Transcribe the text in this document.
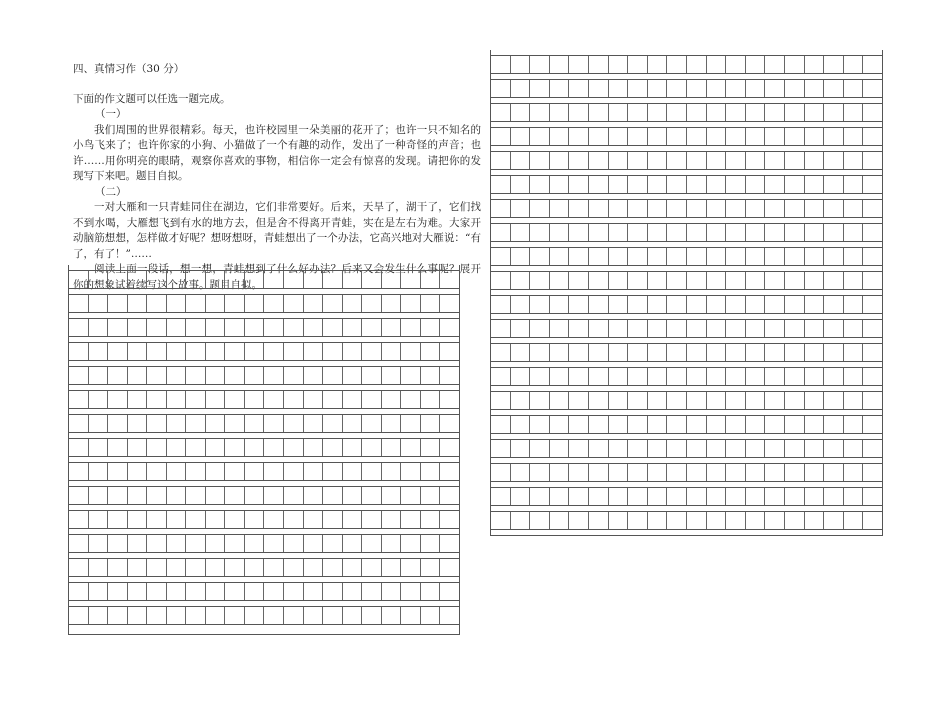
四、真情习作（30 分）

下面的作文题可以任选一题完成。

（一）

我们周围的世界很精彩。每天，也许校园里一朵美丽的花开了；也许一只不知名的小鸟飞来了；也许你家的小狗、小猫做了一个有趣的动作，发出了一种奇怪的声音；也许……用你明亮的眼睛，观察你喜欢的事物，相信你一定会有惊喜的发现。请把你的发现写下来吧。题目自拟。

（二）

一对大雁和一只青蛙同住在湖边，它们非常要好。后来，天旱了，湖干了，它们找不到水喝，大雁想飞到有水的地方去，但是舍不得离开青蛙，实在是左右为难。大家开动脑筋想想，怎样做才好呢？想呀想呀，青蛙想出了一个办法，它高兴地对大雁说：“有了，有了！”……

阅读上面一段话，想一想，青蛙想到了什么好办法？后来又会发生什么事呢？展开你的想象试着续写这个故事。题目自拟。
